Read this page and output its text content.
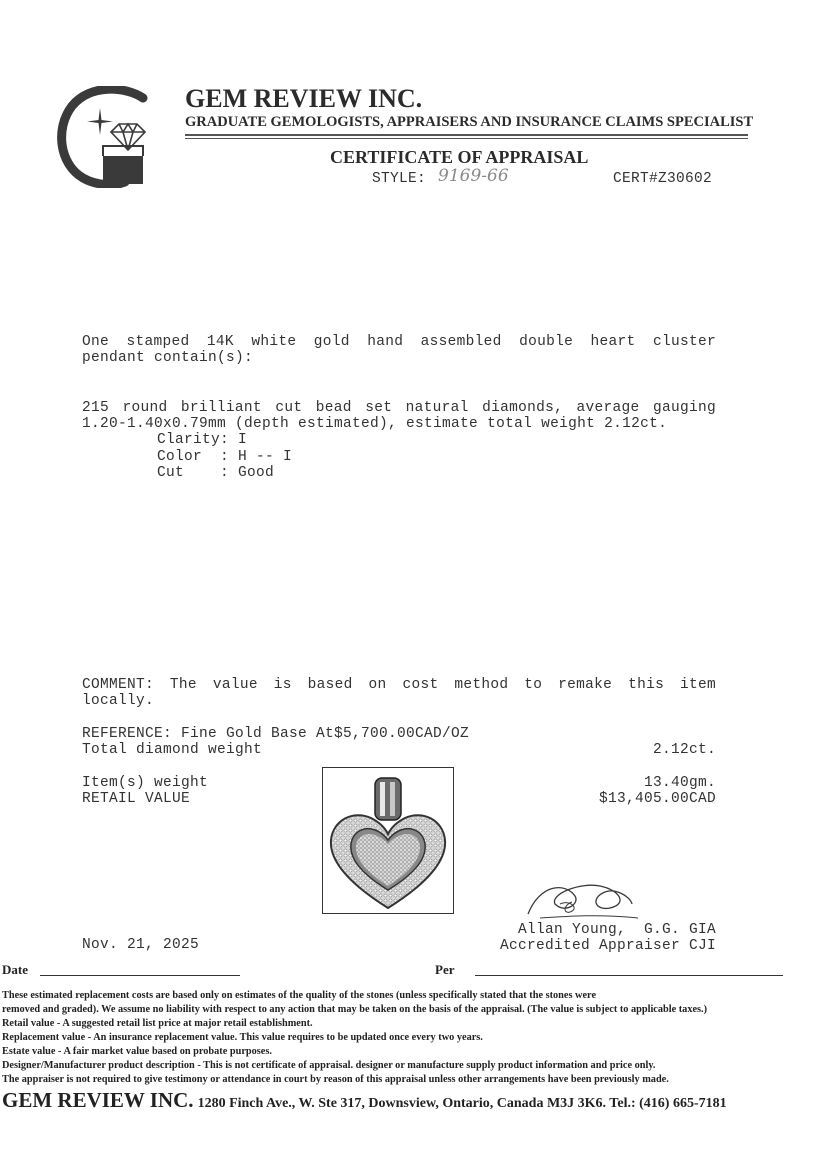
GEM REVIEW INC.
GRADUATE GEMOLOGISTS, APPRAISERS AND INSURANCE CLAIMS SPECIALIST
CERTIFICATE OF APPRAISAL
STYLE: 9169-66	CERT#Z30602
One stamped 14K white gold hand assembled double heart cluster
pendant contain(s):
215 round brilliant cut bead set natural diamonds, average gauging
1.20-1.40x0.79mm (depth estimated), estimate total weight 2.12ct.
Clarity: I
Color  : H -- I
Cut    : Good
COMMENT: The value is based on cost method to remake this item
locally.
REFERENCE: Fine Gold Base At$5,700.00CAD/OZ
Total diamond weight	2.12ct.
Item(s) weight	13.40gm.
RETAIL VALUE	$13,405.00CAD
Allan Young,  G.G. GIA
Accredited Appraiser CJI
Nov. 21, 2025
Date	Per
These estimated replacement costs are based only on estimates of the quality of the stones (unless specifically stated that the stones were
removed and graded). We assume no liability with respect to any action that may be taken on the basis of the appraisal. (The value is subject to applicable taxes.)
Retail value - A suggested retail list price at major retail establishment.
Replacement value - An insurance replacement value. This value requires to be updated once every two years.
Estate value - A fair market value based on probate purposes.
Designer/Manufacturer product description - This is not certificate of appraisal. designer or manufacture supply product information and price only.
The appraiser is not required to give testimony or attendance in court by reason of this appraisal unless other arrangements have been previously made.
GEM REVIEW INC. 1280 Finch Ave., W. Ste 317, Downsview, Ontario, Canada M3J 3K6. Tel.: (416) 665-7181
